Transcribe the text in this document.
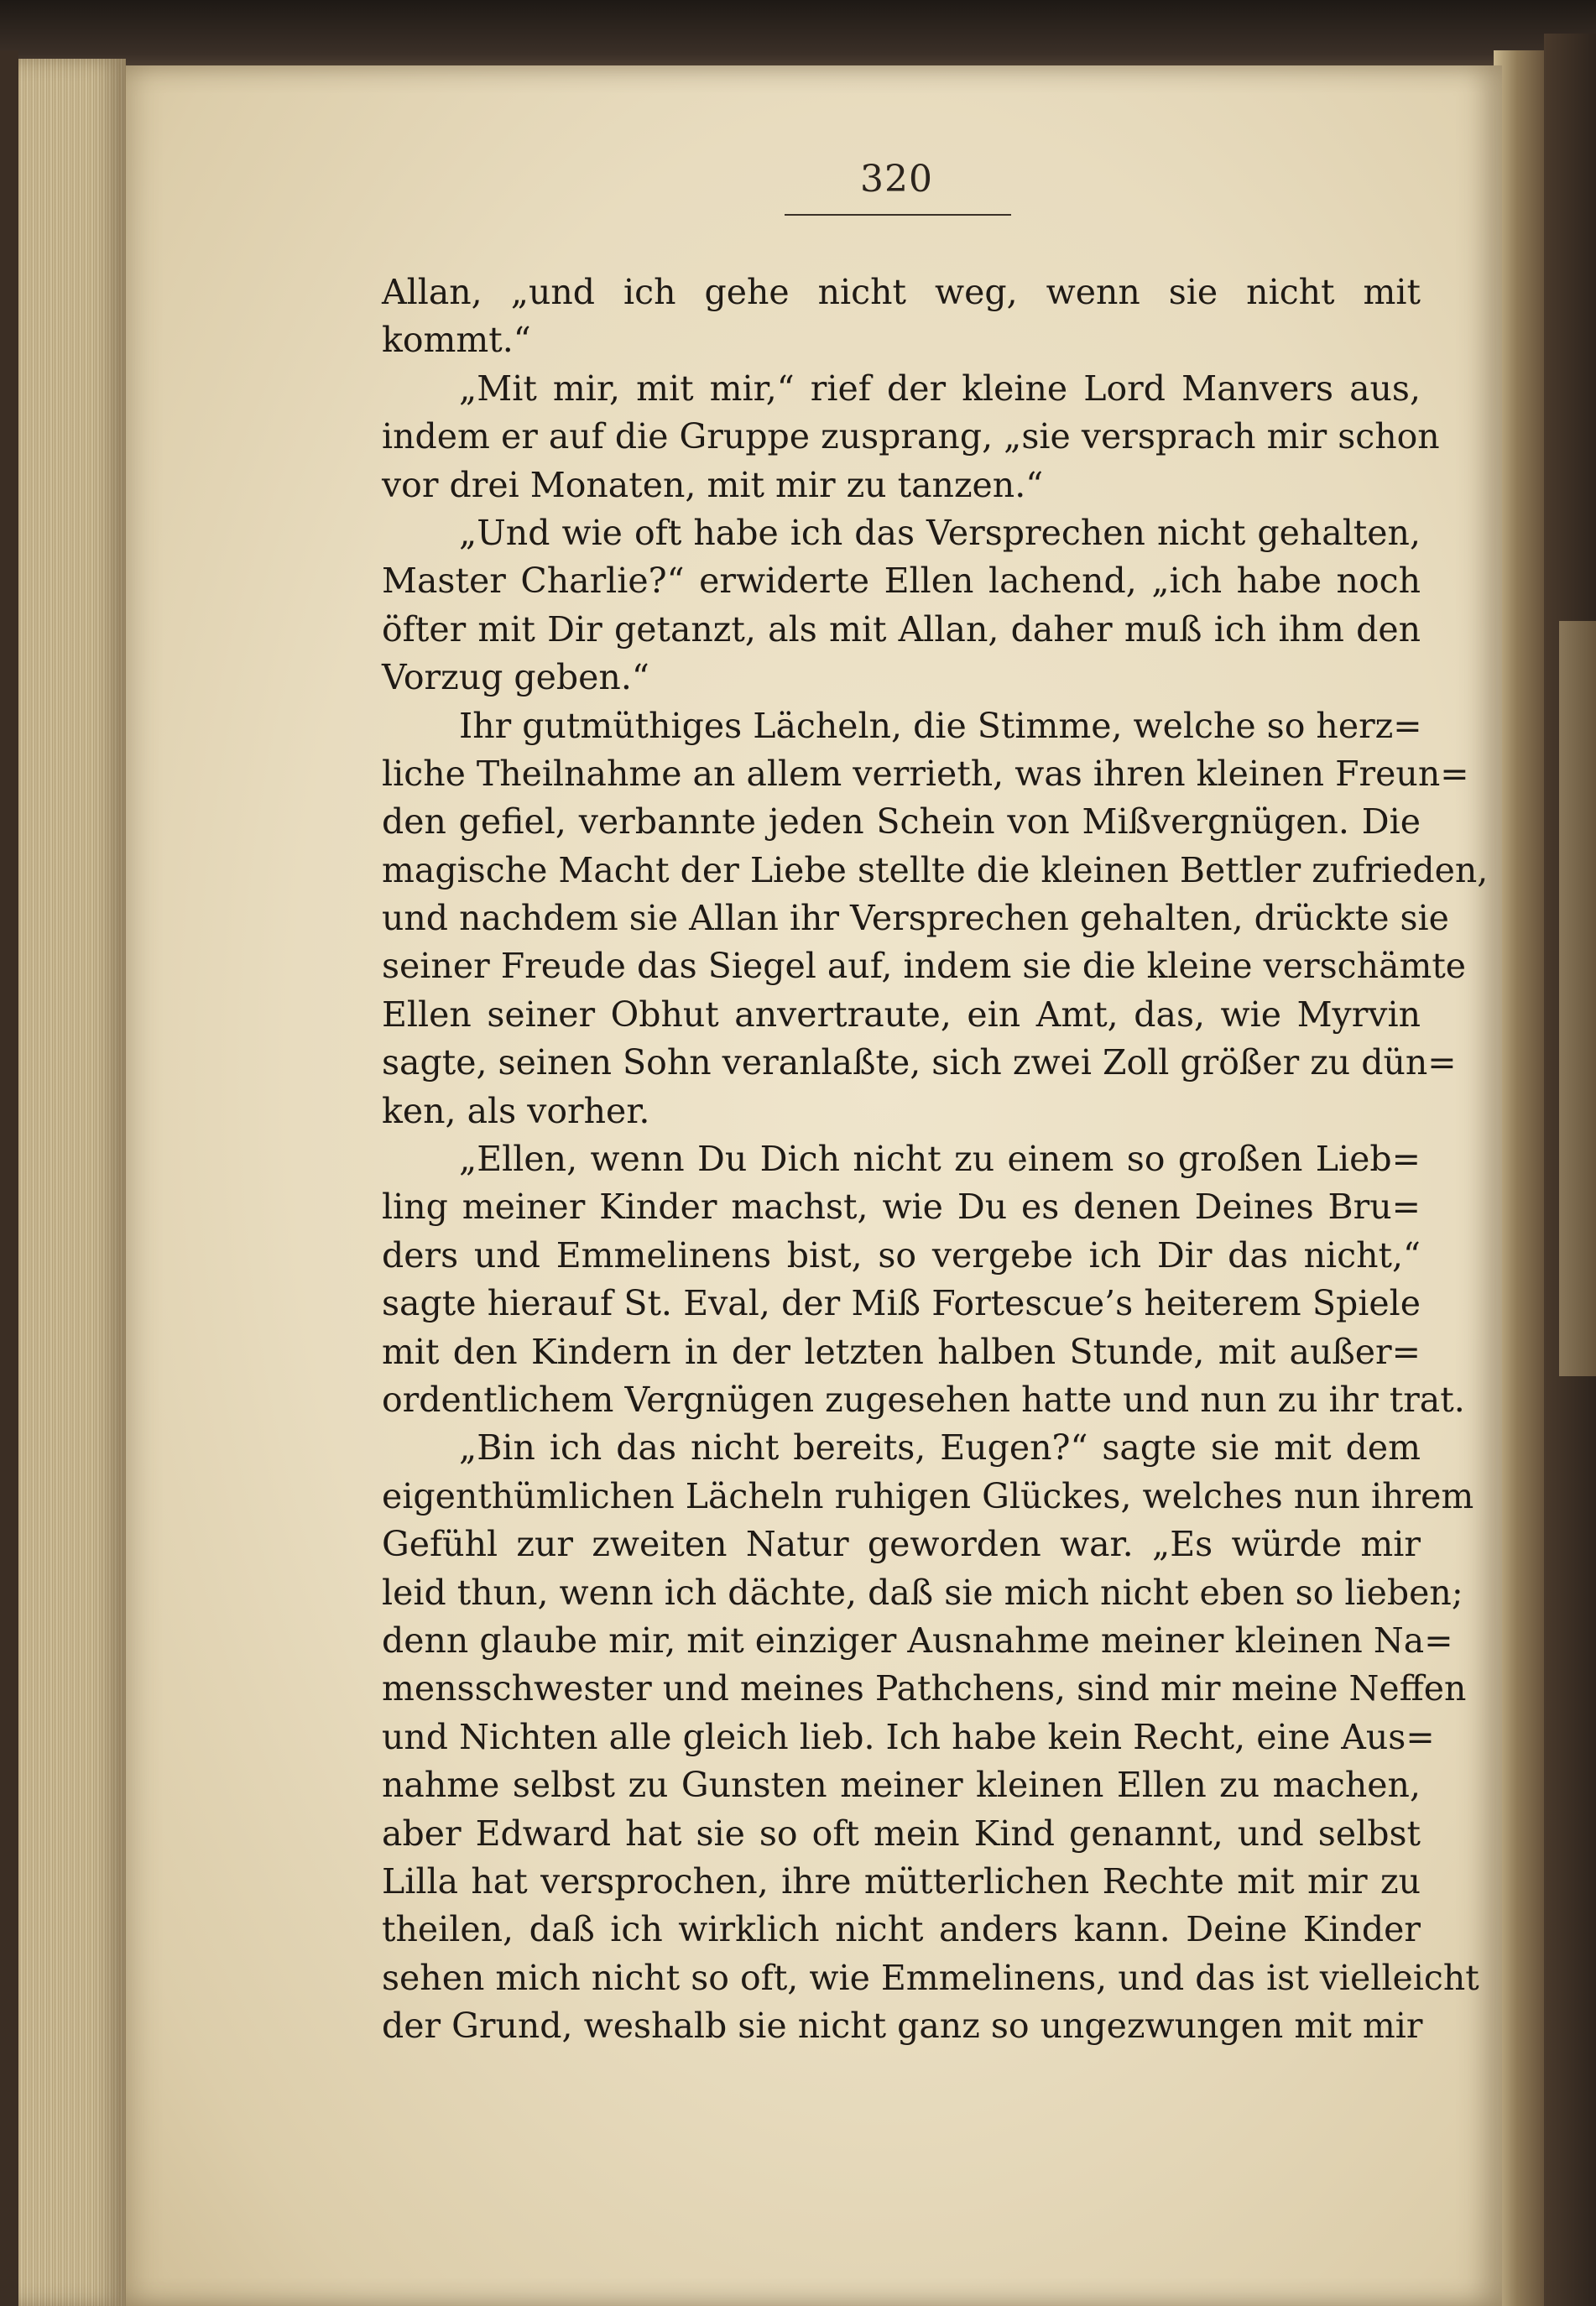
320
Allan, „und ich gehe nicht weg, wenn sie nicht mit
kommt.“
„Mit mir, mit mir,“ rief der kleine Lord Manvers aus,
indem er auf die Gruppe zusprang, „sie versprach mir schon
vor drei Monaten, mit mir zu tanzen.“
„Und wie oft habe ich das Versprechen nicht gehalten,
Master Charlie?“ erwiderte Ellen lachend, „ich habe noch
öfter mit Dir getanzt, als mit Allan, daher muß ich ihm den
Vorzug geben.“
Ihr gutmüthiges Lächeln, die Stimme, welche so herz=
liche Theilnahme an allem verrieth, was ihren kleinen Freun=
den gefiel, verbannte jeden Schein von Mißvergnügen. Die
magische Macht der Liebe stellte die kleinen Bettler zufrieden,
und nachdem sie Allan ihr Versprechen gehalten, drückte sie
seiner Freude das Siegel auf, indem sie die kleine verschämte
Ellen seiner Obhut anvertraute, ein Amt, das, wie Myrvin
sagte, seinen Sohn veranlaßte, sich zwei Zoll größer zu dün=
ken, als vorher.
„Ellen, wenn Du Dich nicht zu einem so großen Lieb=
ling meiner Kinder machst, wie Du es denen Deines Bru=
ders und Emmelinens bist, so vergebe ich Dir das nicht,“
sagte hierauf St. Eval, der Miß Fortescue’s heiterem Spiele
mit den Kindern in der letzten halben Stunde, mit außer=
ordentlichem Vergnügen zugesehen hatte und nun zu ihr trat.
„Bin ich das nicht bereits, Eugen?“ sagte sie mit dem
eigenthümlichen Lächeln ruhigen Glückes, welches nun ihrem
Gefühl zur zweiten Natur geworden war. „Es würde mir
leid thun, wenn ich dächte, daß sie mich nicht eben so lieben;
denn glaube mir, mit einziger Ausnahme meiner kleinen Na=
mensschwester und meines Pathchens, sind mir meine Neffen
und Nichten alle gleich lieb. Ich habe kein Recht, eine Aus=
nahme selbst zu Gunsten meiner kleinen Ellen zu machen,
aber Edward hat sie so oft mein Kind genannt, und selbst
Lilla hat versprochen, ihre mütterlichen Rechte mit mir zu
theilen, daß ich wirklich nicht anders kann. Deine Kinder
sehen mich nicht so oft, wie Emmelinens, und das ist vielleicht
der Grund, weshalb sie nicht ganz so ungezwungen mit mir
